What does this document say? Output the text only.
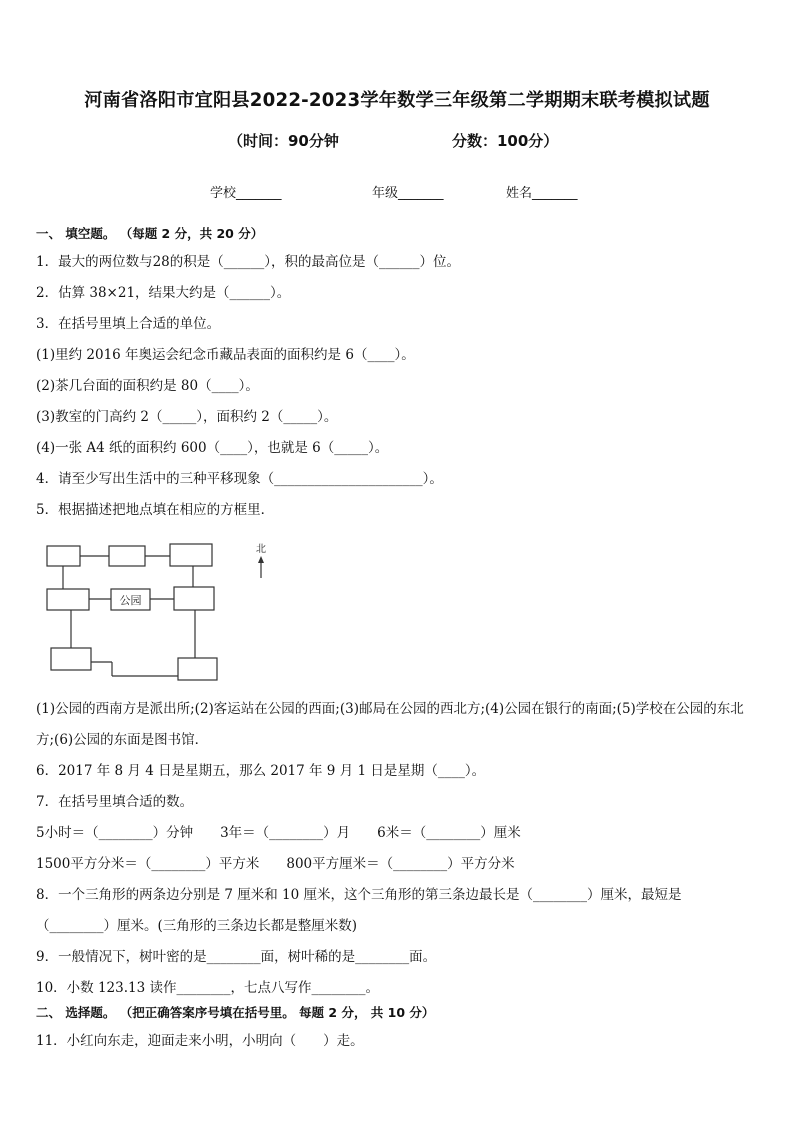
河南省洛阳市宜阳县2022-2023学年数学三年级第二学期期末联考模拟试题
（时间：90分钟	分数：100分）
学校_______	年级_______	姓名_______
一、 填空题。 （每题 2 分，共 20 分）
1．最大的两位数与28的积是（______），积的最高位是（______）位。
2．估算 38×21，结果大约是（______）。
3．在括号里填上合适的单位。
(1)里约 2016 年奥运会纪念币藏品表面的面积约是 6（____）。
(2)茶几台面的面积约是 80（____）。
(3)教室的门高约 2（_____），面积约 2（_____）。
(4)一张 A4 纸的面积约 600（____），也就是 6（_____）。
4．请至少写出生活中的三种平移现象（______________________）。
5．根据描述把地点填在相应的方框里．
公园
北
(1)公园的西南方是派出所;(2)客运站在公园的西面;(3)邮局在公园的西北方;(4)公园在银行的南面;(5)学校在公园的东北
方;(6)公园的东面是图书馆．
6．2017 年 8 月 4 日是星期五，那么 2017 年 9 月 1 日是星期（____）。
7．在括号里填合适的数。
5小时＝（________）分钟　　3年＝（________）月　　6米＝（________）厘米
1500平方分米＝（________）平方米　　800平方厘米＝（________）平方分米
8．一个三角形的两条边分别是 7 厘米和 10 厘米，这个三角形的第三条边最长是（________）厘米，最短是
（________）厘米。(三角形的三条边长都是整厘米数)
9．一般情况下，树叶密的是________面，树叶稀的是________面。
10．小数 123.13 读作________，七点八写作________。
二、 选择题。 （把正确答案序号填在括号里。 每题 2 分， 共 10 分）
11．小红向东走，迎面走来小明，小明向（　　）走。
